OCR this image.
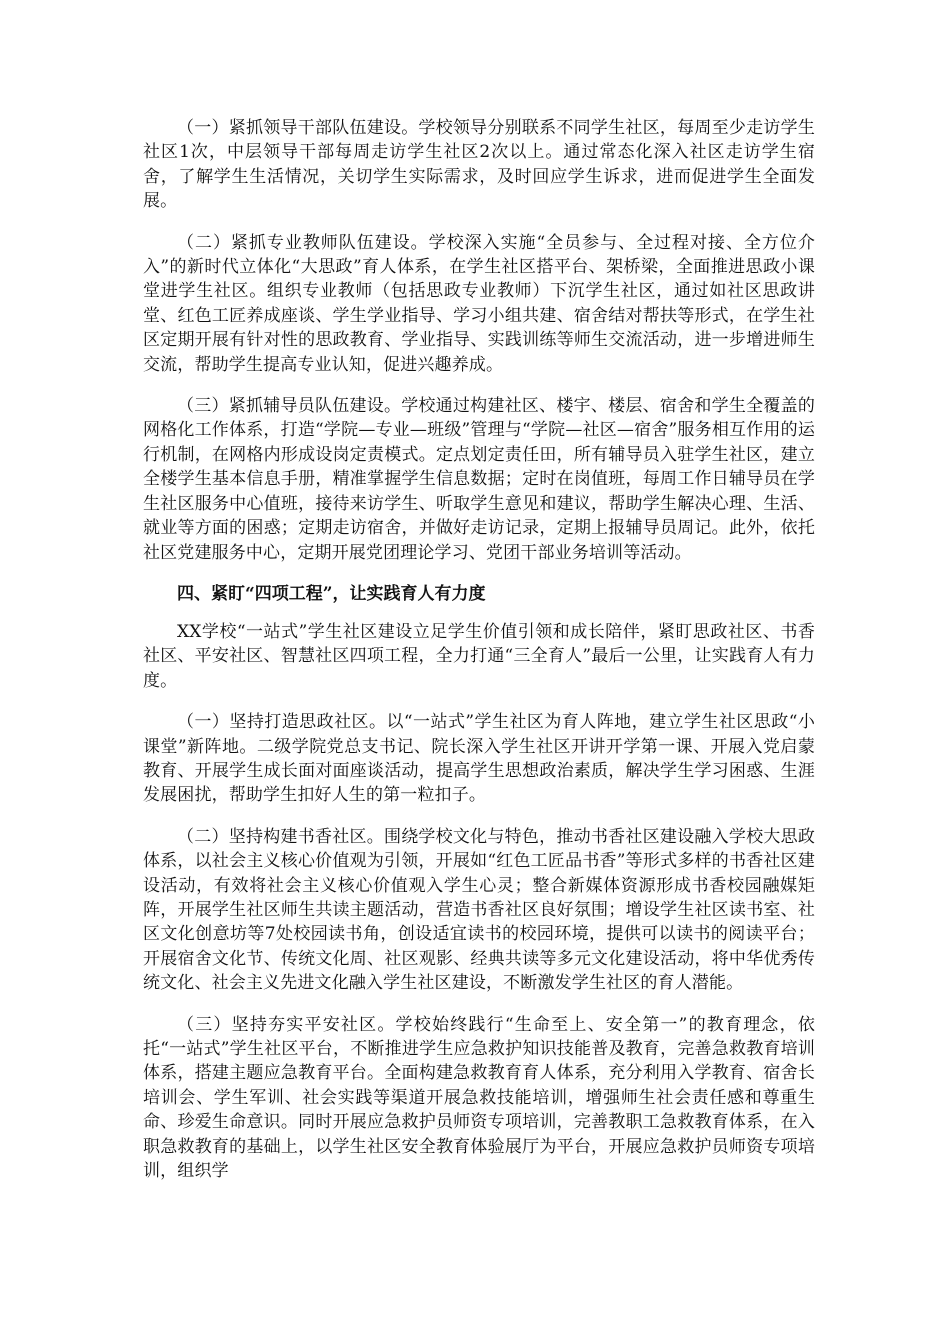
（一）紧抓领导干部队伍建设。学校领导分别联系不同学生社区，每周至少走访学生社区1次，中层领导干部每周走访学生社区2次以上。通过常态化深入社区走访学生宿舍，了解学生生活情况，关切学生实际需求，及时回应学生诉求，进而促进学生全面发展。

（二）紧抓专业教师队伍建设。学校深入实施“全员参与、全过程对接、全方位介入”的新时代立体化“大思政”育人体系，在学生社区搭平台、架桥梁，全面推进思政小课堂进学生社区。组织专业教师（包括思政专业教师）下沉学生社区，通过如社区思政讲堂、红色工匠养成座谈、学生学业指导、学习小组共建、宿舍结对帮扶等形式，在学生社区定期开展有针对性的思政教育、学业指导、实践训练等师生交流活动，进一步增进师生交流，帮助学生提高专业认知，促进兴趣养成。

（三）紧抓辅导员队伍建设。学校通过构建社区、楼宇、楼层、宿舍和学生全覆盖的网格化工作体系，打造“学院—专业—班级”管理与“学院—社区—宿舍”服务相互作用的运行机制，在网格内形成设岗定责模式。定点划定责任田，所有辅导员入驻学生社区，建立全楼学生基本信息手册，精准掌握学生信息数据；定时在岗值班，每周工作日辅导员在学生社区服务中心值班，接待来访学生、听取学生意见和建议，帮助学生解决心理、生活、就业等方面的困惑；定期走访宿舍，并做好走访记录，定期上报辅导员周记。此外，依托社区党建服务中心，定期开展党团理论学习、党团干部业务培训等活动。

四、紧盯“四项工程”，让实践育人有力度

XX学校“一站式”学生社区建设立足学生价值引领和成长陪伴，紧盯思政社区、书香社区、平安社区、智慧社区四项工程，全力打通“三全育人”最后一公里，让实践育人有力度。

（一）坚持打造思政社区。以“一站式”学生社区为育人阵地，建立学生社区思政“小课堂”新阵地。二级学院党总支书记、院长深入学生社区开讲开学第一课、开展入党启蒙教育、开展学生成长面对面座谈活动，提高学生思想政治素质，解决学生学习困惑、生涯发展困扰，帮助学生扣好人生的第一粒扣子。

（二）坚持构建书香社区。围绕学校文化与特色，推动书香社区建设融入学校大思政体系，以社会主义核心价值观为引领，开展如“红色工匠品书香”等形式多样的书香社区建设活动，有效将社会主义核心价值观入学生心灵；整合新媒体资源形成书香校园融媒矩阵，开展学生社区师生共读主题活动，营造书香社区良好氛围；增设学生社区读书室、社区文化创意坊等7处校园读书角，创设适宜读书的校园环境，提供可以读书的阅读平台；开展宿舍文化节、传统文化周、社区观影、经典共读等多元文化建设活动，将中华优秀传统文化、社会主义先进文化融入学生社区建设，不断激发学生社区的育人潜能。

（三）坚持夯实平安社区。学校始终践行“生命至上、安全第一”的教育理念，依托“一站式”学生社区平台，不断推进学生应急救护知识技能普及教育，完善急救教育培训体系，搭建主题应急教育平台。全面构建急救教育育人体系，充分利用入学教育、宿舍长培训会、学生军训、社会实践等渠道开展急救技能培训，增强师生社会责任感和尊重生命、珍爱生命意识。同时开展应急救护员师资专项培训，完善教职工急救教育体系，在入职急救教育的基础上，以学生社区安全教育体验展厅为平台，开展应急救护员师资专项培训，组织学
